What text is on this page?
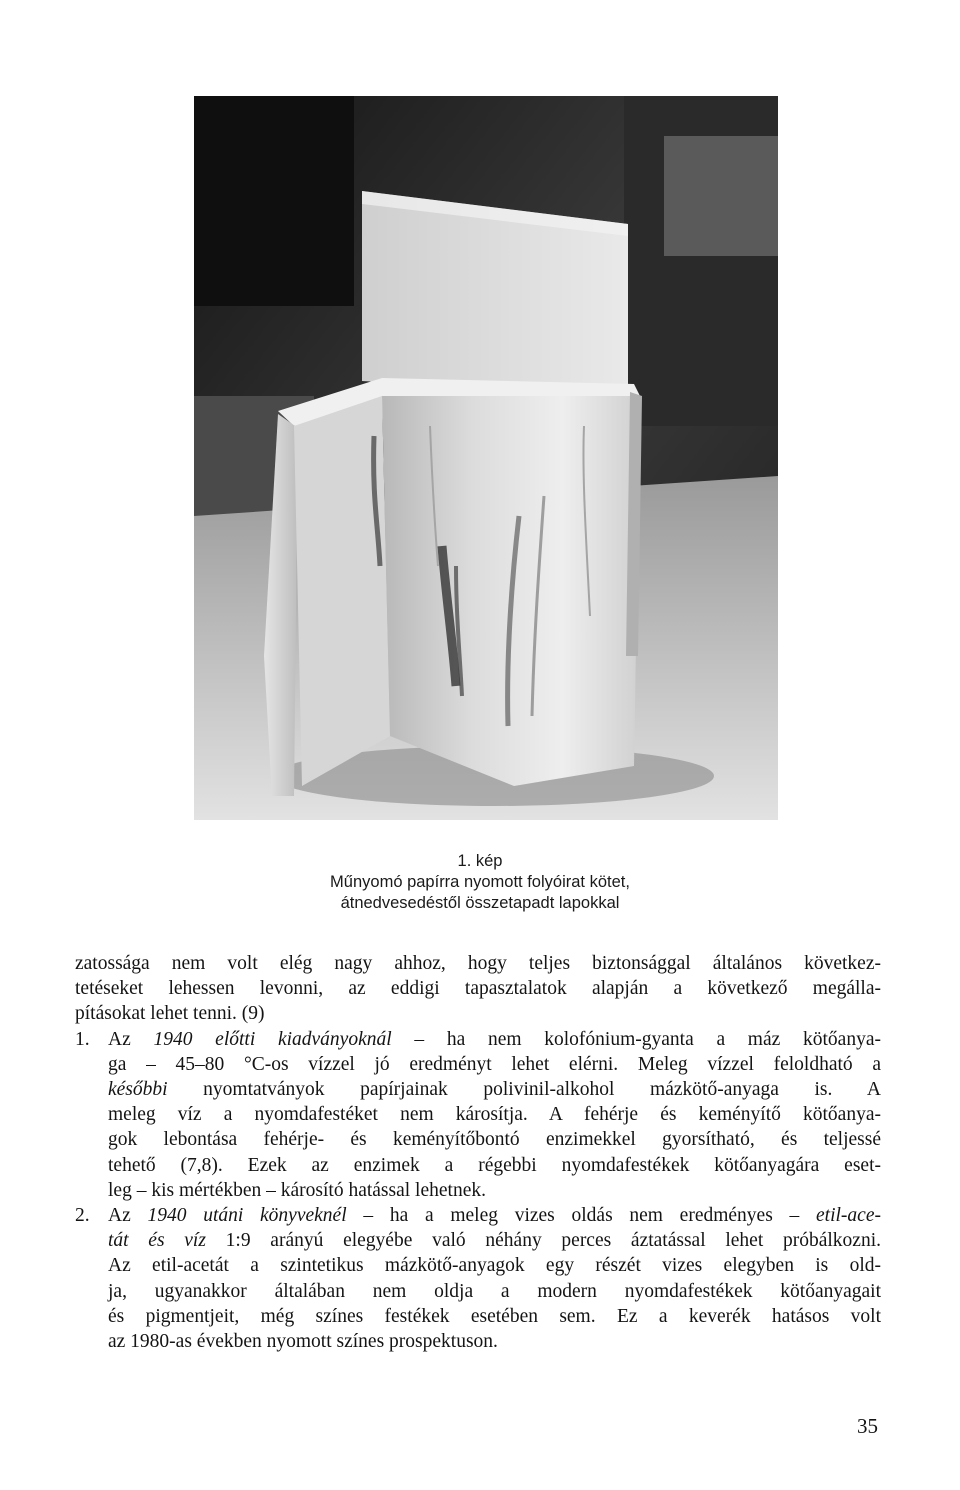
1. kép
Műnyomó papírra nyomott folyóirat kötet,
átnedvesedéstől összetapadt lapokkal
zatossága nem volt elég nagy ahhoz, hogy teljes biztonsággal általános következ-
tetéseket lehessen levonni, az eddigi tapasztalatok alapján a következő megálla-
pításokat lehet tenni. (9)
1. Az 1940 előtti kiadványoknál – ha nem kolofónium-gyanta a máz kötőanya-
ga – 45–80 °C-os vízzel jó eredményt lehet elérni. Meleg vízzel feloldható a
későbbi nyomtatványok papírjainak polivinil-alkohol mázkötő-anyaga is. A
meleg víz a nyomdafestéket nem károsítja. A fehérje és keményítő kötőanya-
gok lebontása fehérje- és keményítőbontó enzimekkel gyorsítható, és teljessé
tehető (7,8). Ezek az enzimek a régebbi nyomdafestékek kötőanyagára eset-
leg – kis mértékben – károsító hatással lehetnek.
2. Az 1940 utáni könyveknél – ha a meleg vizes oldás nem eredményes – etil-ace-
tát és víz 1:9 arányú elegyébe való néhány perces áztatással lehet próbálkozni.
Az etil-acetát a szintetikus mázkötő-anyagok egy részét vizes elegyben is old-
ja, ugyanakkor általában nem oldja a modern nyomdafestékek kötőanyagait
és pigmentjeit, még színes festékek esetében sem. Ez a keverék hatásos volt
az 1980-as években nyomott színes prospektuson.
35
